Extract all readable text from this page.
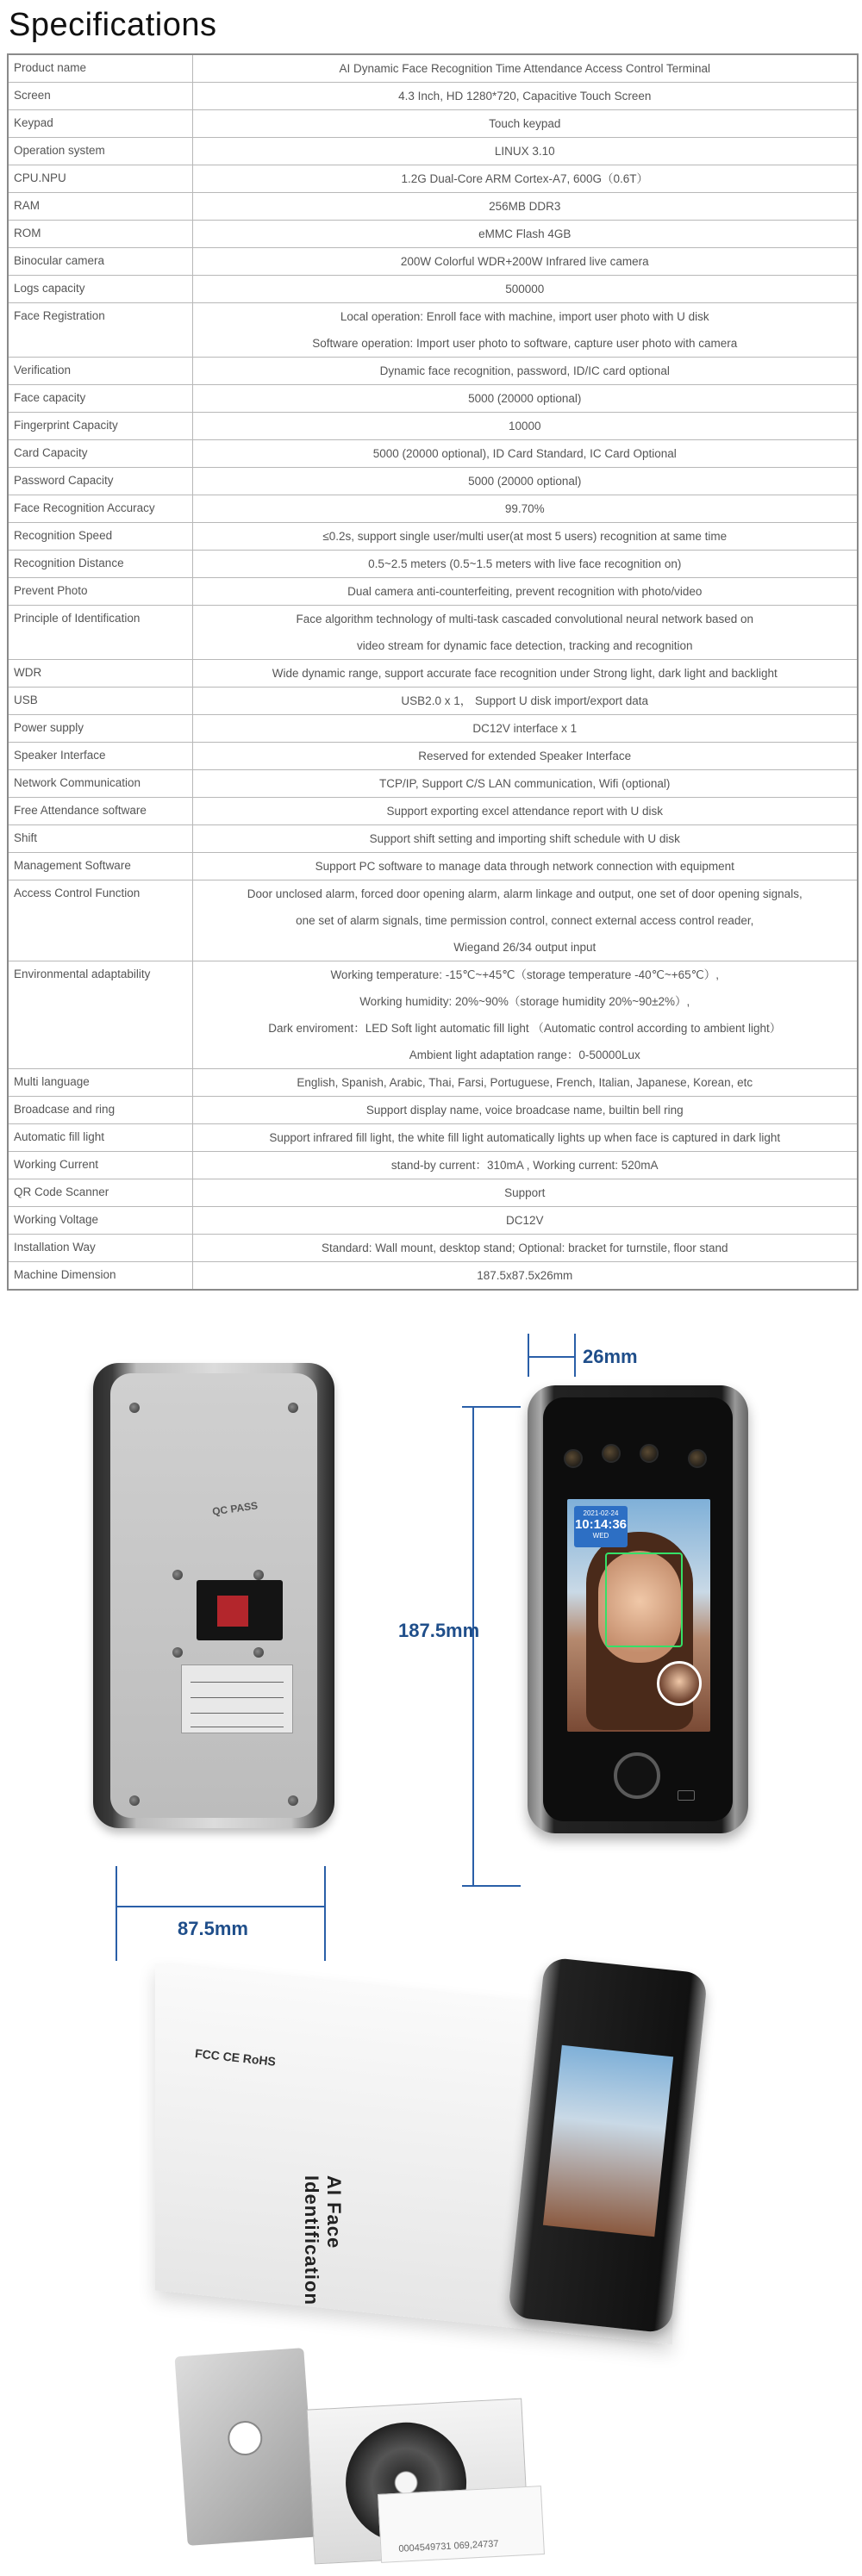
Specifications
Product name	AI Dynamic Face Recognition Time Attendance Access Control Terminal

Screen	4.3 Inch, HD 1280*720, Capacitive Touch Screen

Keypad	Touch keypad

Operation system	LINUX 3.10

CPU.NPU	1.2G Dual-Core ARM Cortex-A7, 600G（0.6T）

RAM	256MB DDR3

ROM	eMMC Flash 4GB

Binocular camera	200W Colorful WDR+200W Infrared live camera

Logs capacity	500000

Face Registration	Local operation: Enroll face with machine, import user photo with U disk
Software operation: Import user photo to software, capture user photo with camera

Verification	Dynamic face recognition, password, ID/IC card optional

Face capacity	5000 (20000 optional)

Fingerprint Capacity	10000

Card Capacity	5000 (20000 optional), ID Card Standard, IC Card Optional

Password Capacity	5000 (20000 optional)

Face Recognition Accuracy	99.70%

Recognition Speed	≤0.2s, support single user/multi user(at most 5 users) recognition at same time

Recognition Distance	0.5~2.5 meters (0.5~1.5 meters with live face recognition on)

Prevent Photo	Dual camera anti-counterfeiting, prevent recognition with photo/video

Principle of Identification	Face algorithm technology of multi-task cascaded convolutional neural network based on
video stream for dynamic face detection, tracking and recognition

WDR	Wide dynamic range, support accurate face recognition under Strong light, dark light and backlight

USB	USB2.0 x 1， Support U disk import/export data

Power supply	DC12V interface x 1

Speaker Interface	Reserved for extended Speaker Interface

Network Communication	TCP/IP, Support C/S LAN communication, Wifi (optional)

Free Attendance software	Support exporting excel attendance report with U disk

Shift	Support shift setting and importing shift schedule with U disk

Management Software	Support PC software to manage data through network connection with equipment

Access Control Function	Door unclosed alarm, forced door opening alarm, alarm linkage and output, one set of door opening signals,
one set of alarm signals, time permission control, connect external access control reader,
Wiegand 26/34 output input

Environmental adaptability	Working temperature: -15℃~+45℃（storage temperature -40℃~+65℃）,
Working humidity: 20%~90%（storage humidity 20%~90±2%）,
Dark enviroment：LED Soft light automatic fill light （Automatic control according to ambient light）
Ambient light adaptation range：0-50000Lux

Multi language	English, Spanish, Arabic, Thai, Farsi, Portuguese, French, Italian, Japanese, Korean, etc

Broadcase and ring	Support display name, voice broadcase name, builtin bell ring

Automatic fill light	Support infrared fill light, the white fill light automatically lights up when face is captured in dark light

Working Current	stand-by current：310mA , Working current: 520mA

QR Code Scanner	Support

Working Voltage	DC12V

Installation Way	Standard: Wall mount, desktop stand; Optional: bracket for turnstile, floor stand

Machine Dimension	187.5x87.5x26mm
26mm
187.5mm
87.5mm
QC PASS	2021-02-24
10:14:36
WED
FCC CE RoHS
AI Face
Identification
0004549731 069,24737
